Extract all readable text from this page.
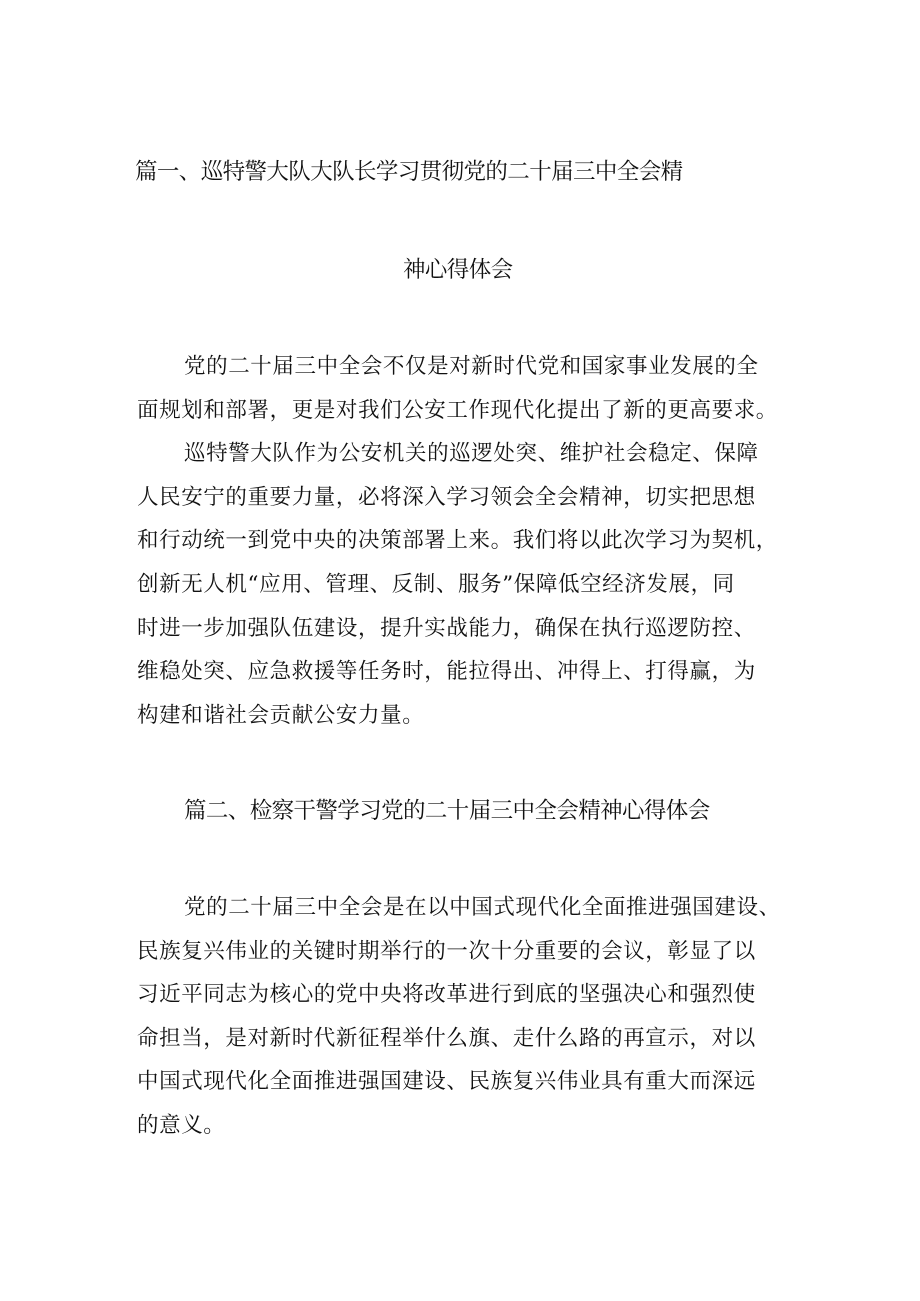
篇一、巡特警大队大队长学习贯彻党的二十届三中全会精
神心得体会

党的二十届三中全会不仅是对新时代党和国家事业发展的全

面规划和部署，更是对我们公安工作现代化提出了新的更高要求。

巡特警大队作为公安机关的巡逻处突、维护社会稳定、保障

人民安宁的重要力量，必将深入学习领会全会精神，切实把思想

和行动统一到党中央的决策部署上来。我们将以此次学习为契机，

创新无人机“应用、管理、反制、服务”保障低空经济发展，同

时进一步加强队伍建设，提升实战能力，确保在执行巡逻防控、

维稳处突、应急救援等任务时，能拉得出、冲得上、打得赢，为

构建和谐社会贡献公安力量。

篇二、检察干警学习党的二十届三中全会精神心得体会

党的二十届三中全会是在以中国式现代化全面推进强国建设、

民族复兴伟业的关键时期举行的一次十分重要的会议，彰显了以

习近平同志为核心的党中央将改革进行到底的坚强决心和强烈使

命担当，是对新时代新征程举什么旗、走什么路的再宣示，对以

中国式现代化全面推进强国建设、民族复兴伟业具有重大而深远

的意义。
